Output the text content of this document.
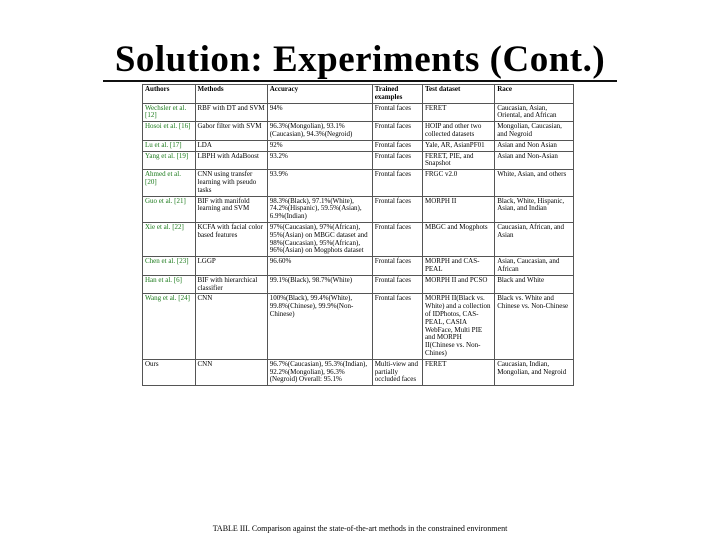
Solution: Experiments (Cont.)
Authors	Methods	Accuracy	Trained examples	Test dataset	Race
Wechsler et al. [12]	RBF with DT and SVM	94%	Frontal faces	FERET	Caucasian, Asian, Oriental, and African
Hosoi et al. [16]	Gabor filter with SVM	96.3%(Mongolian), 93.1%(Caucasian), 94.3%(Negroid)	Frontal faces	HOIP and other two collected datasets	Mongolian, Caucasian, and Negroid
Lu et al. [17]	LDA	92%	Frontal faces	Yale, AR, AsianPF01	Asian and Non Asian
Yang et al. [19]	LBPH with AdaBoost	93.2%	Frontal faces	FERET, PIE, and Snapshot	Asian and Non-Asian
Ahmed et al. [20]	CNN using transfer learning with pseudo tasks	93.9%	Frontal faces	FRGC v2.0	White, Asian, and others
Guo et al. [21]	BIF with manifold learning and SVM	98.3%(Black), 97.1%(White), 74.2%(Hispanic), 59.5%(Asian), 6.9%(Indian)	Frontal faces	MORPH II	Black, White, Hispanic, Asian, and Indian
Xie et al. [22]	KCFA with facial color based features	97%(Caucasian), 97%(African), 95%(Asian) on MBGC dataset and 98%(Caucasian), 95%(African), 96%(Asian) on Mogphots dataset	Frontal faces	MBGC and Mogphots	Caucasian, African, and Asian
Chen et al. [23]	LGGP	96.60%	Frontal faces	MORPH and CAS-PEAL	Asian, Caucasian, and African
Han et al. [6]	BIF with hierarchical classifier	99.1%(Black), 98.7%(White)	Frontal faces	MORPH II and PCSO	Black and White
Wang et al. [24]	CNN	100%(Black), 99.4%(White), 99.8%(Chinese), 99.9%(Non-Chinese)	Frontal faces	MORPH II(Black vs. White) and a collection of IDPhotos, CAS-PEAL, CASIA WebFace, Multi PIE and MORPH II(Chinese vs. Non-Chines)	Black vs. White and Chinese vs. Non-Chinese
Ours	CNN	96.7%(Caucasian), 95.3%(Indian), 92.2%(Mongolian), 96.3%(Negroid) Overall: 95.1%	Multi-view and partially occluded faces	FERET	Caucasian, Indian, Mongolian, and Negroid
TABLE III. Comparison against the state-of-the-art methods in the constrained environment
